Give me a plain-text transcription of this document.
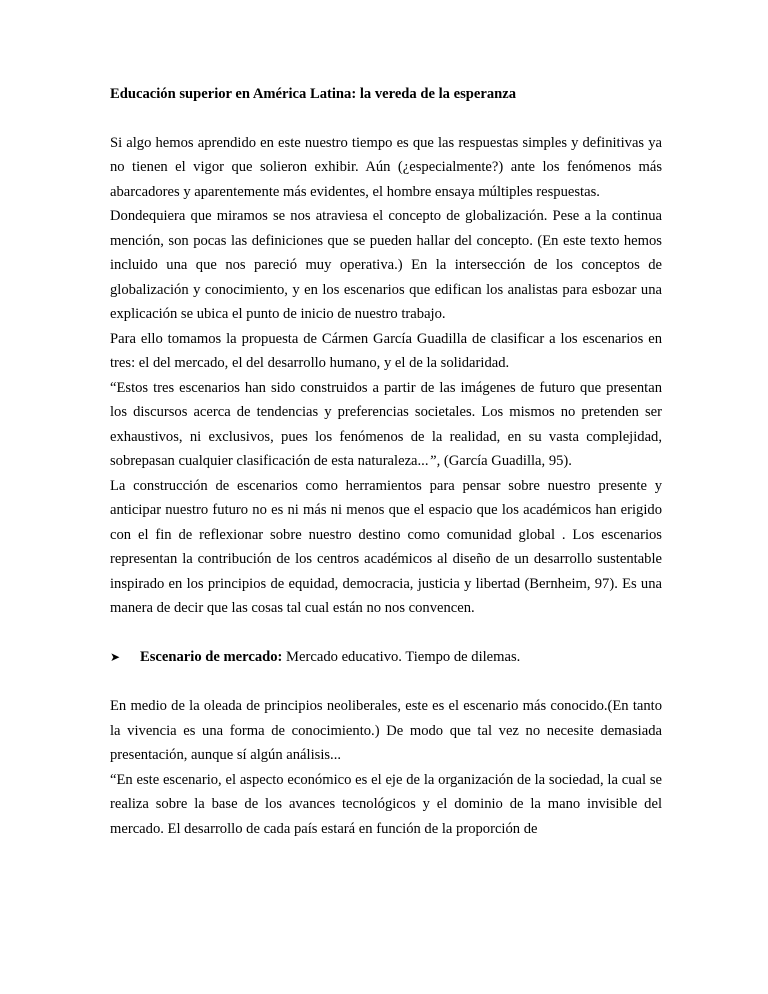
Educación superior en América Latina: la vereda de la esperanza

Si algo hemos aprendido en este nuestro tiempo es que las respuestas simples y definitivas ya no tienen el vigor que solieron exhibir. Aún (¿especialmente?) ante los fenómenos más abarcadores y aparentemente más evidentes, el hombre ensaya múltiples respuestas.

Dondequiera que miramos se nos atraviesa el concepto de globalización. Pese a la continua mención, son pocas las definiciones que se pueden hallar del concepto. (En este texto hemos incluido una que nos pareció muy operativa.) En la intersección de los conceptos de globalización y conocimiento, y en los escenarios que edifican los analistas para esbozar una explicación se ubica el punto de inicio de nuestro trabajo.

Para ello tomamos la propuesta de Cármen García Guadilla de clasificar a los escenarios en tres: el del mercado, el del desarrollo humano, y el de la solidaridad.

“Estos tres escenarios han sido construidos a partir de las imágenes de futuro que presentan los discursos acerca de tendencias y preferencias societales. Los mismos no pretenden ser exhaustivos, ni exclusivos, pues los fenómenos de la realidad, en su vasta complejidad, sobrepasan cualquier clasificación de esta naturaleza...”, (García Guadilla, 95).

La construcción de escenarios como herramientos para pensar sobre nuestro presente y anticipar nuestro futuro no es ni más ni menos que el espacio que los académicos han erigido con el fin de reflexionar sobre nuestro destino como comunidad global . Los escenarios representan la contribución de los centros académicos al diseño de un desarrollo sustentable inspirado en los principios de equidad, democracia, justicia y libertad (Bernheim, 97). Es una manera de decir que las cosas tal cual están no nos convencen.

➤	Escenario de mercado: Mercado educativo. Tiempo de dilemas.

En medio de la oleada de principios neoliberales, este es el escenario más conocido.(En tanto la vivencia es una forma de conocimiento.) De modo que tal vez no necesite demasiada presentación, aunque sí algún análisis...

“En este escenario, el aspecto económico es el eje de la organización de la sociedad, la cual se realiza sobre la base de los avances tecnológicos y el dominio de la mano invisible del mercado. El desarrollo de cada país estará en función de la proporción de
